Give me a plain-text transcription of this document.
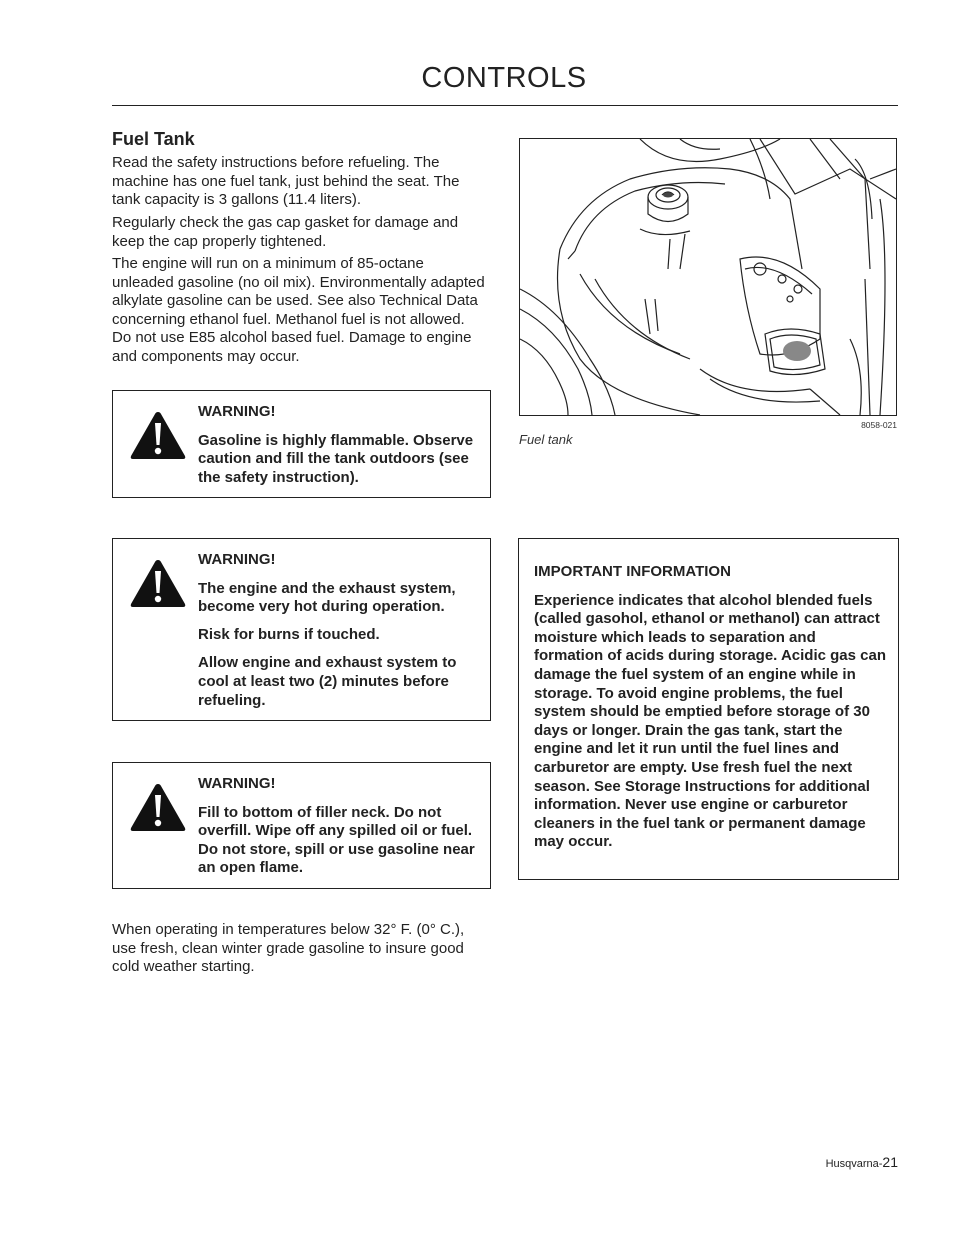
CONTROLS
Fuel Tank

Read the safety instructions before refueling. The machine has one fuel tank, just behind the seat. The tank capacity is 3 gallons (11.4 liters).

Regularly check the gas cap gasket for damage and keep the cap properly tightened.

The engine will run on a minimum of 85-octane unleaded gasoline (no oil mix). Environmentally adapted alkylate gasoline can be used. See also Technical Data concerning ethanol fuel. Methanol fuel is not allowed. Do not use E85 alcohol based fuel. Damage to engine and components may occur.

WARNING!

Gasoline is highly flammable. Observe caution and fill the tank outdoors (see the safety instruction).

WARNING!

The engine and the exhaust system, become very hot during operation.

Risk for burns if touched.

Allow engine and exhaust system to cool at least two (2) minutes before refueling.

WARNING!

Fill to bottom of filler neck. Do not overfill. Wipe off any spilled oil or fuel. Do not store, spill or use gasoline near an open flame.

When operating in temperatures below 32° F. (0° C.), use fresh, clean winter grade gasoline to insure good cold weather starting.

8058-021
Fuel tank

IMPORTANT INFORMATION

Experience indicates that alcohol blended fuels (called gasohol, ethanol or methanol) can attract moisture which leads to separation and formation of acids during storage. Acidic gas can damage the fuel system of an engine while in storage. To avoid engine problems, the fuel system should be emptied before storage of 30 days or longer. Drain the gas tank, start the engine and let it run until the fuel lines and carburetor are empty. Use fresh fuel the next season. See Storage Instructions for additional information. Never use engine or carburetor cleaners in the fuel tank or permanent damage may occur.

Husqvarna-21
